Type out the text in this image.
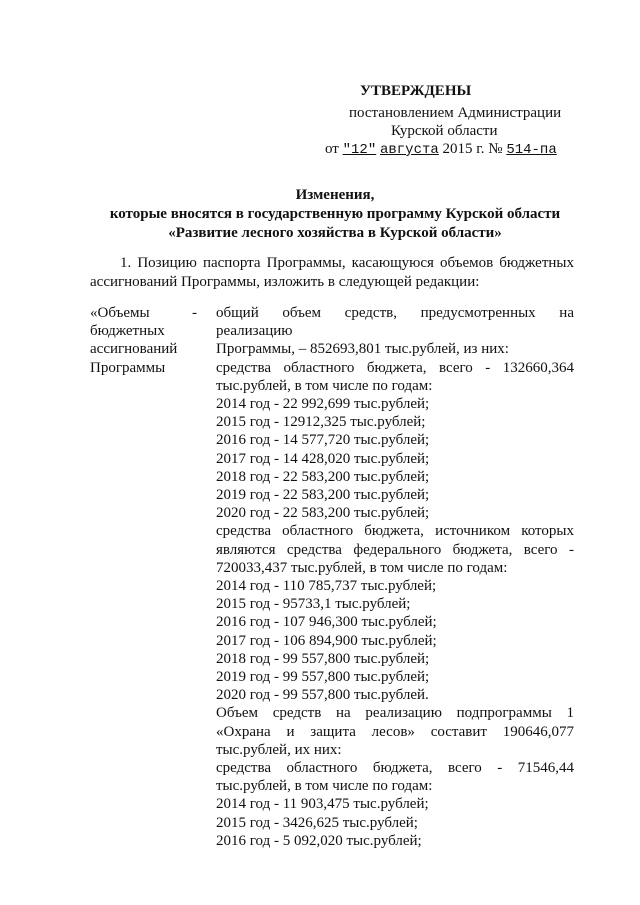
УТВЕРЖДЕНЫ
постановлением Администрации
Курской области
от "12" августа 2015 г. № 514-па
Изменения,
которые вносятся в государственную программу Курской области
«Развитие лесного хозяйства в Курской области»
1. Позицию паспорта Программы, касающуюся объемов бюджетных ассигнований Программы, изложить в следующей редакции:
«Объемы
бюджетных
ассигнований
Программы
- общий объем средств, предусмотренных на реализацию
Программы, – 852693,801 тыс.рублей, из них:
средства областного бюджета, всего - 132660,364
тыс.рублей, в том числе по годам:
2014 год - 22 992,699 тыс.рублей;
2015 год - 12912,325 тыс.рублей;
2016 год - 14 577,720 тыс.рублей;
2017 год - 14 428,020 тыс.рублей;
2018 год - 22 583,200 тыс.рублей;
2019 год - 22 583,200 тыс.рублей;
2020 год - 22 583,200 тыс.рублей;
средства областного бюджета, источником которых
являются средства федерального бюджета, всего -
720033,437 тыс.рублей, в том числе по годам:
2014 год - 110 785,737 тыс.рублей;
2015 год - 95733,1 тыс.рублей;
2016 год - 107 946,300 тыс.рублей;
2017 год - 106 894,900 тыс.рублей;
2018 год - 99 557,800 тыс.рублей;
2019 год - 99 557,800 тыс.рублей;
2020 год - 99 557,800 тыс.рублей.
Объем средств на реализацию подпрограммы 1
«Охрана и защита лесов» составит 190646,077
тыс.рублей, их них:
средства областного бюджета, всего - 71546,44
тыс.рублей, в том числе по годам:
2014 год - 11 903,475 тыс.рублей;
2015 год - 3426,625 тыс.рублей;
2016 год - 5 092,020 тыс.рублей;
